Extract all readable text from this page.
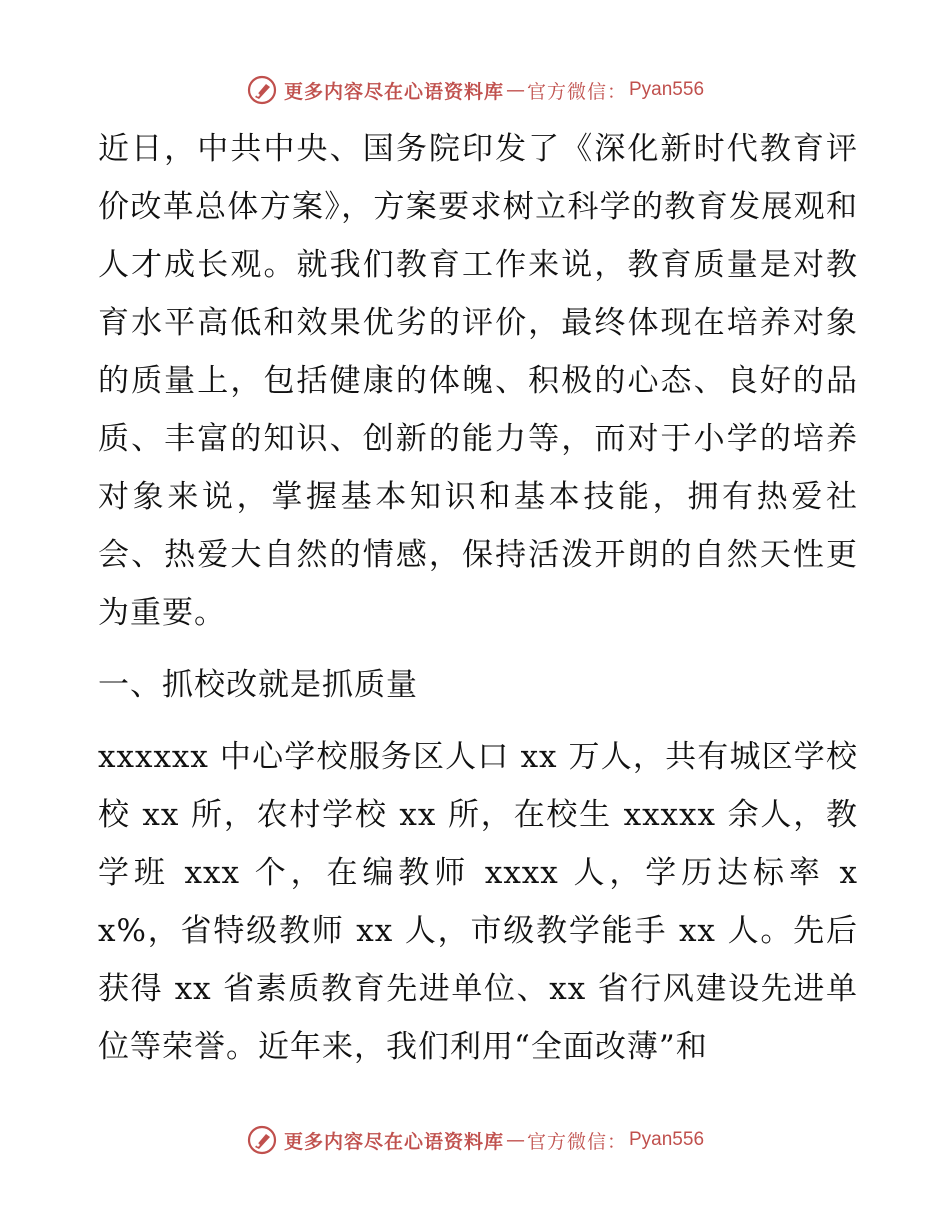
更多内容尽在心语资料库 — 官方微信： Pyan556

近日，中共中央、国务院印发了《深化新时代教育评价改革总体方案》，方案要求树立科学的教育发展观和人才成长观。就我们教育工作来说，教育质量是对教育水平高低和效果优劣的评价，最终体现在培养对象的质量上，包括健康的体魄、积极的心态、良好的品质、丰富的知识、创新的能力等，而对于小学的培养对象来说，掌握基本知识和基本技能，拥有热爱社会、热爱大自然的情感，保持活泼开朗的自然天性更为重要。

一、抓校改就是抓质量

xxxxxx 中心学校服务区人口 xx 万人，共有城区学校校 xx 所，农村学校 xx 所，在校生 xxxxx 余人，教学班 xxx 个，在编教师 xxxx 人，学历达标率 xx%，省特级教师 xx 人，市级教学能手 xx 人。先后获得 xx 省素质教育先进单位、xx 省行风建设先进单位等荣誉。近年来，我们利用“全面改薄”和

更多内容尽在心语资料库 — 官方微信： Pyan556
